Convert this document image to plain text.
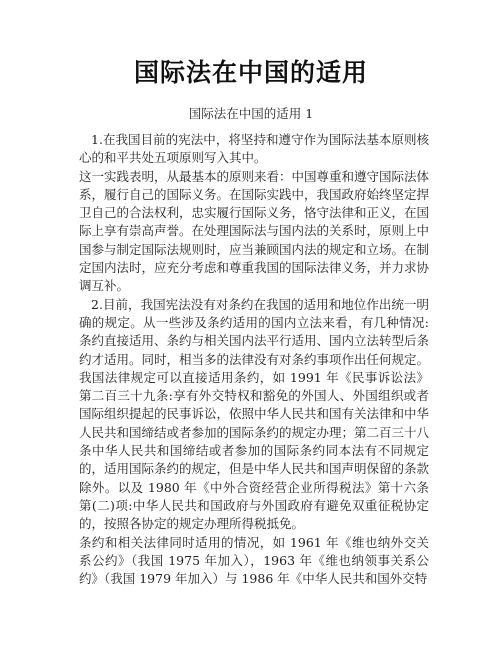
国际法在中国的适用
国际法在中国的适用 1

1.在我国目前的宪法中，将坚持和遵守作为国际法基本原则核心的和平共处五项原则写入其中。

这一实践表明，从最基本的原则来看：中国尊重和遵守国际法体系，履行自己的国际义务。在国际实践中，我国政府始终坚定捍卫自己的合法权利，忠实履行国际义务，恪守法律和正义，在国际上享有崇高声誉。在处理国际法与国内法的关系时，原则上中国参与制定国际法规则时，应当兼顾国内法的规定和立场。在制定国内法时，应充分考虑和尊重我国的国际法律义务，并力求协调互补。

2.目前，我国宪法没有对条约在我国的适用和地位作出统一明确的规定。从一些涉及条约适用的国内立法来看，有几种情况:条约直接适用、条约与相关国内法平行适用、国内立法转型后条约才适用。同时，相当多的法律没有对条约事项作出任何规定。我国法律规定可以直接适用条约，如 1991 年《民事诉讼法》第二百三十九条:享有外交特权和豁免的外国人、外国组织或者国际组织提起的民事诉讼，依照中华人民共和国有关法律和中华人民共和国缔结或者参加的国际条约的规定办理；第二百三十八条中华人民共和国缔结或者参加的国际条约同本法有不同规定的，适用国际条约的规定，但是中华人民共和国声明保留的条款除外。以及 1980 年《中外合资经营企业所得税法》第十六条第(二)项:中华人民共和国政府与外国政府有避免双重征税协定的，按照各协定的规定办理所得税抵免。

条约和相关法律同时适用的情况，如 1961 年《维也纳外交关系公约》（我国 1975 年加入），1963 年《维也纳领事关系公约》（我国 1979 年加入）与 1986 年《中华人民共和国外交特
